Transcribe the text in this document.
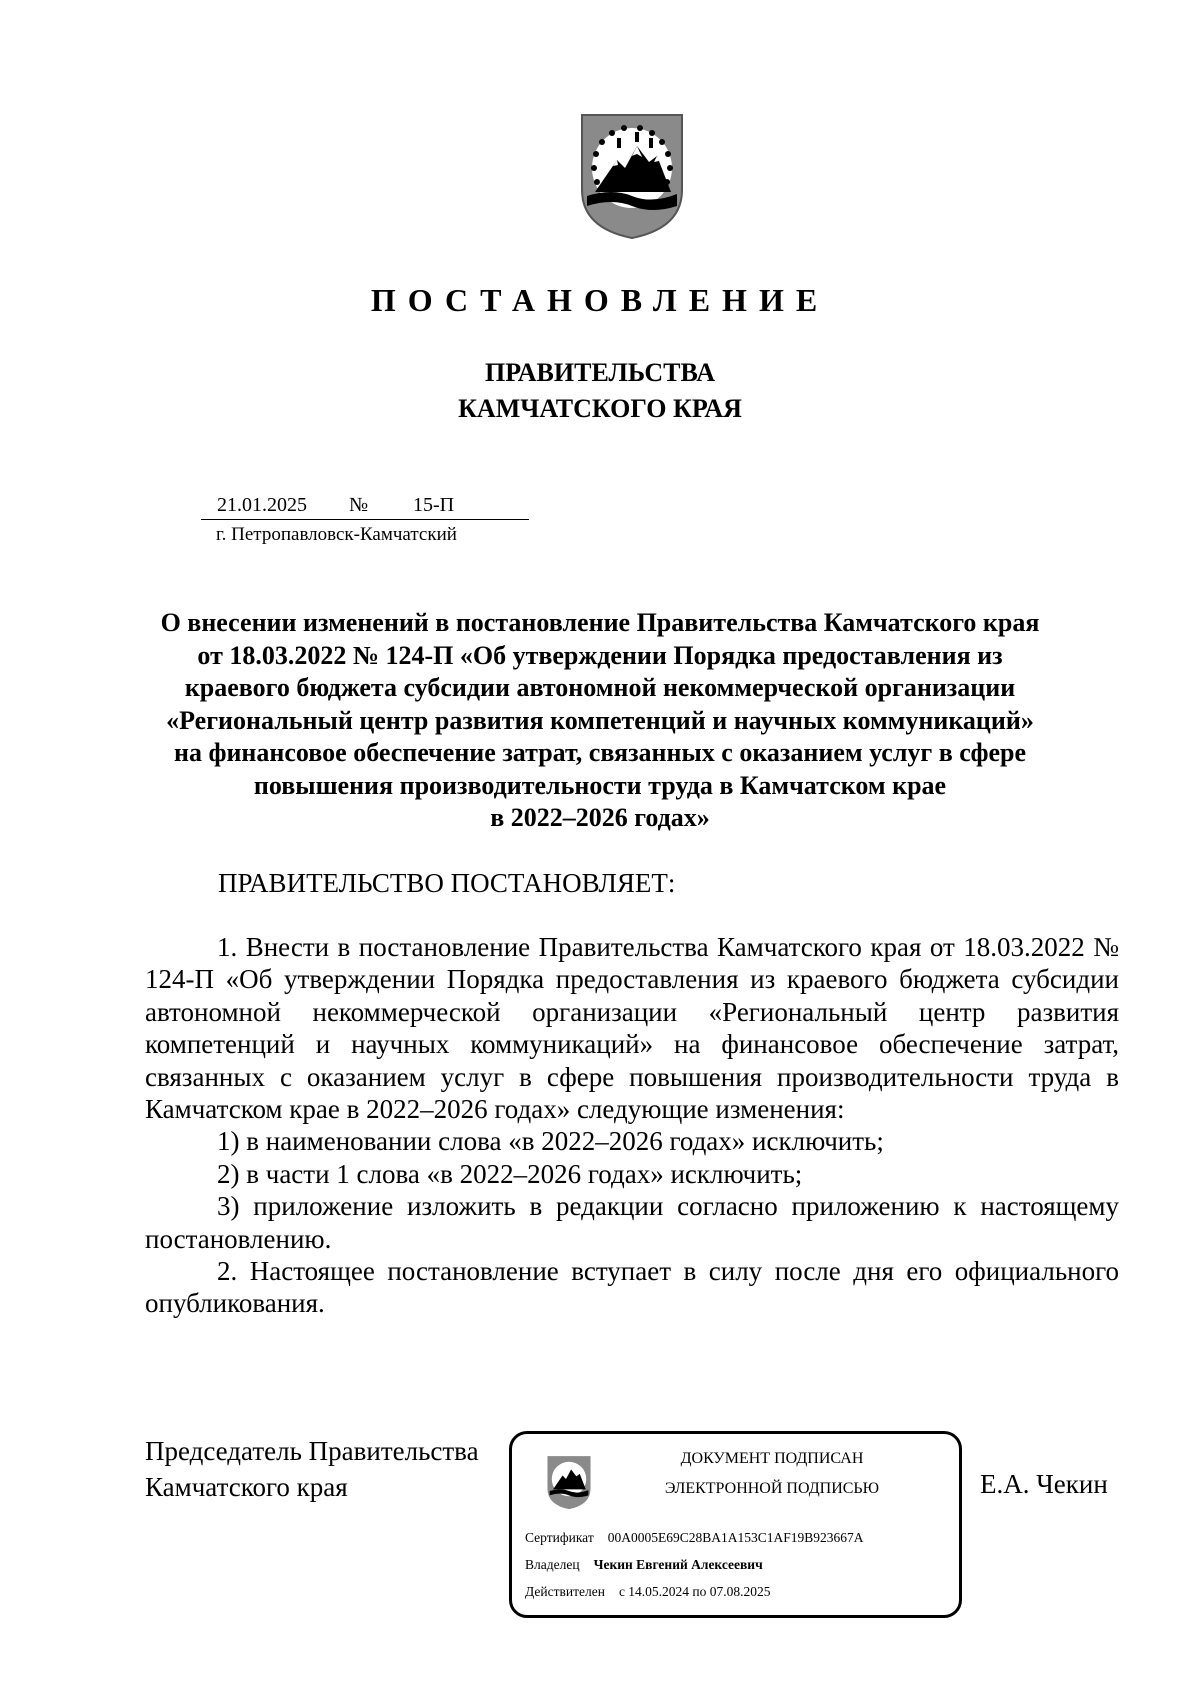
ПОСТАНОВЛЕНИЕ
ПРАВИТЕЛЬСТВА
КАМЧАТСКОГО КРАЯ
21.01.2025 № 15-П
г. Петропавловск-Камчатский
О внесении изменений в постановление Правительства Камчатского края
от 18.03.2022 № 124-П «Об утверждении Порядка предоставления из
краевого бюджета субсидии автономной некоммерческой организации
«Региональный центр развития компетенций и научных коммуникаций»
на финансовое обеспечение затрат, связанных с оказанием услуг в сфере
повышения производительности труда в Камчатском крае
в 2022–2026 годах»
ПРАВИТЕЛЬСТВО ПОСТАНОВЛЯЕТ:

1. Внести в постановление Правительства Камчатского края от 18.03.2022 № 124-П «Об утверждении Порядка предоставления из краевого бюджета субсидии автономной некоммерческой организации «Региональный центр развития компетенций и научных коммуникаций» на финансовое обеспечение затрат, связанных с оказанием услуг в сфере повышения производительности труда в Камчатском крае в 2022–2026 годах» следующие изменения:

1) в наименовании слова «в 2022–2026 годах» исключить;

2) в части 1 слова «в 2022–2026 годах» исключить;

3) приложение изложить в редакции согласно приложению к настоящему постановлению.

2. Настоящее постановление вступает в силу после дня его официального опубликования.

Председатель Правительства
Камчатского края
ДОКУМЕНТ ПОДПИСАН
ЭЛЕКТРОННОЙ ПОДПИСЬЮ
Сертификат 00A0005E69C28BA1A153C1AF19B923667A
Владелец Чекин Евгений Алексеевич
Действителен с 14.05.2024 по 07.08.2025
Е.А. Чекин
